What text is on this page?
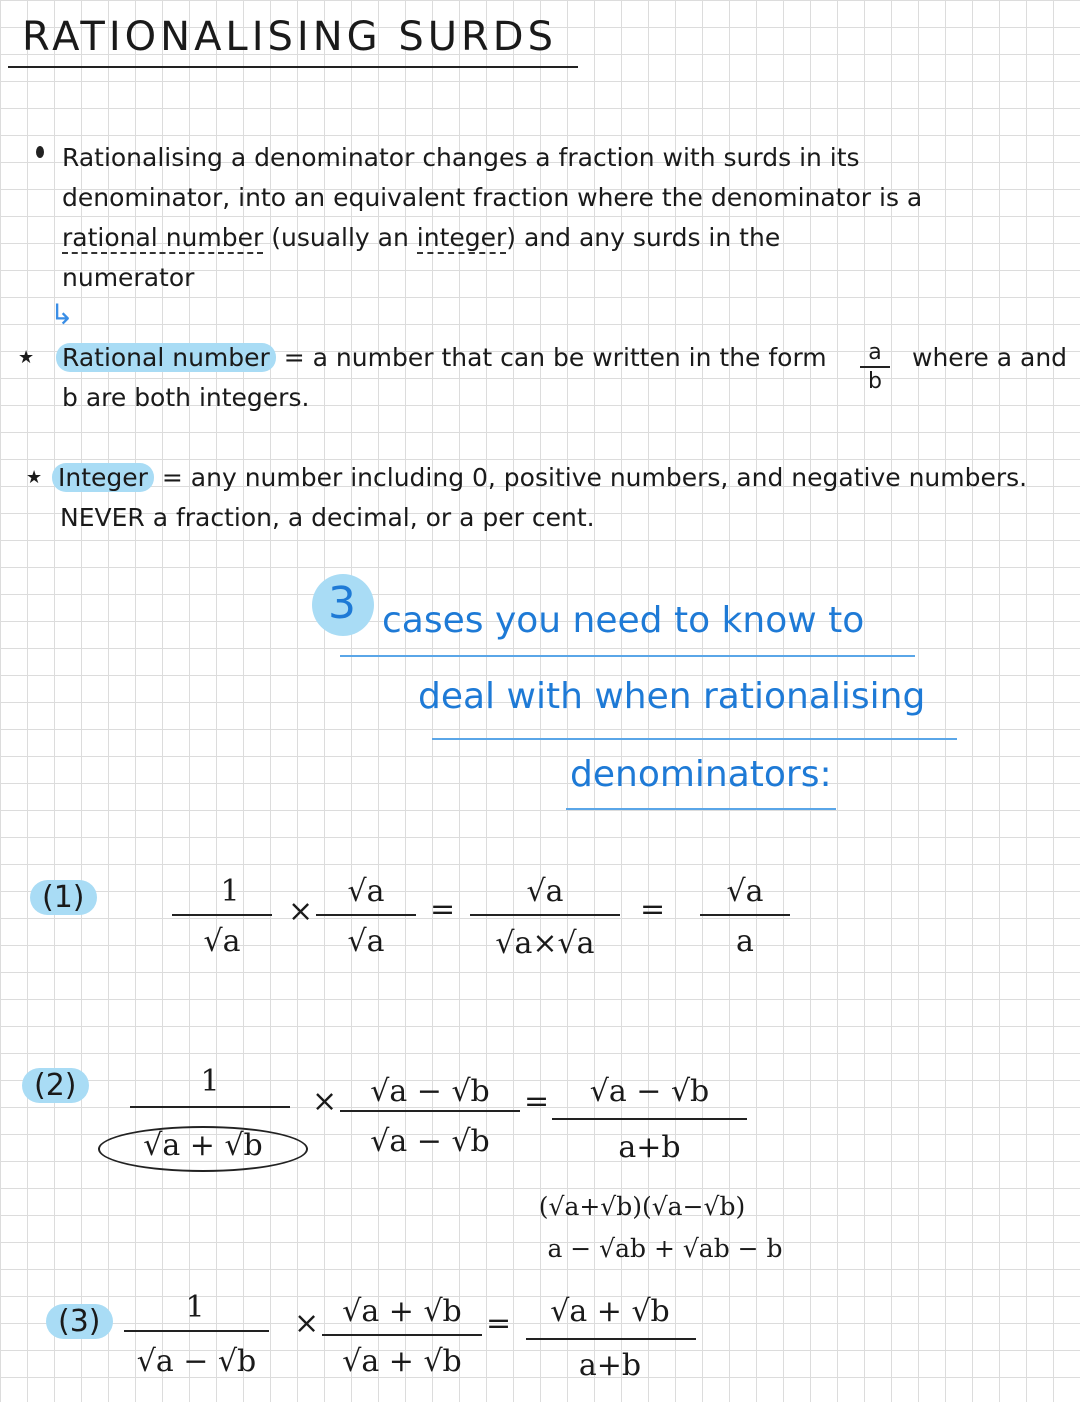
RATIONALISING SURDS
Rationalising a denominator changes a fraction with surds in its
denominator, into an equivalent fraction where the denominator is a
rational number (usually an integer) and any surds in the
numerator
↳
★ Rational number = a number that can be written in the form	a
b
where a and
b are both integers.
★ Integer = any number including 0, positive numbers, and negative numbers.
NEVER a fraction, a decimal, or a per cent.
3 cases you need to know to
deal with when rationalising
denominators:
(1)	1
√a
×
√a
√a
=
√a
√a×√a
=
√a
a
(2)	1
√a + √b
×	√a − √b
√a − √b
=	√a − √b
a+b
(√a+√b)(√a−√b)
a − √ab + √ab − b
(3)	1
√a − √b
× √a + √b
√a + √b
=	√a + √b
a+b
